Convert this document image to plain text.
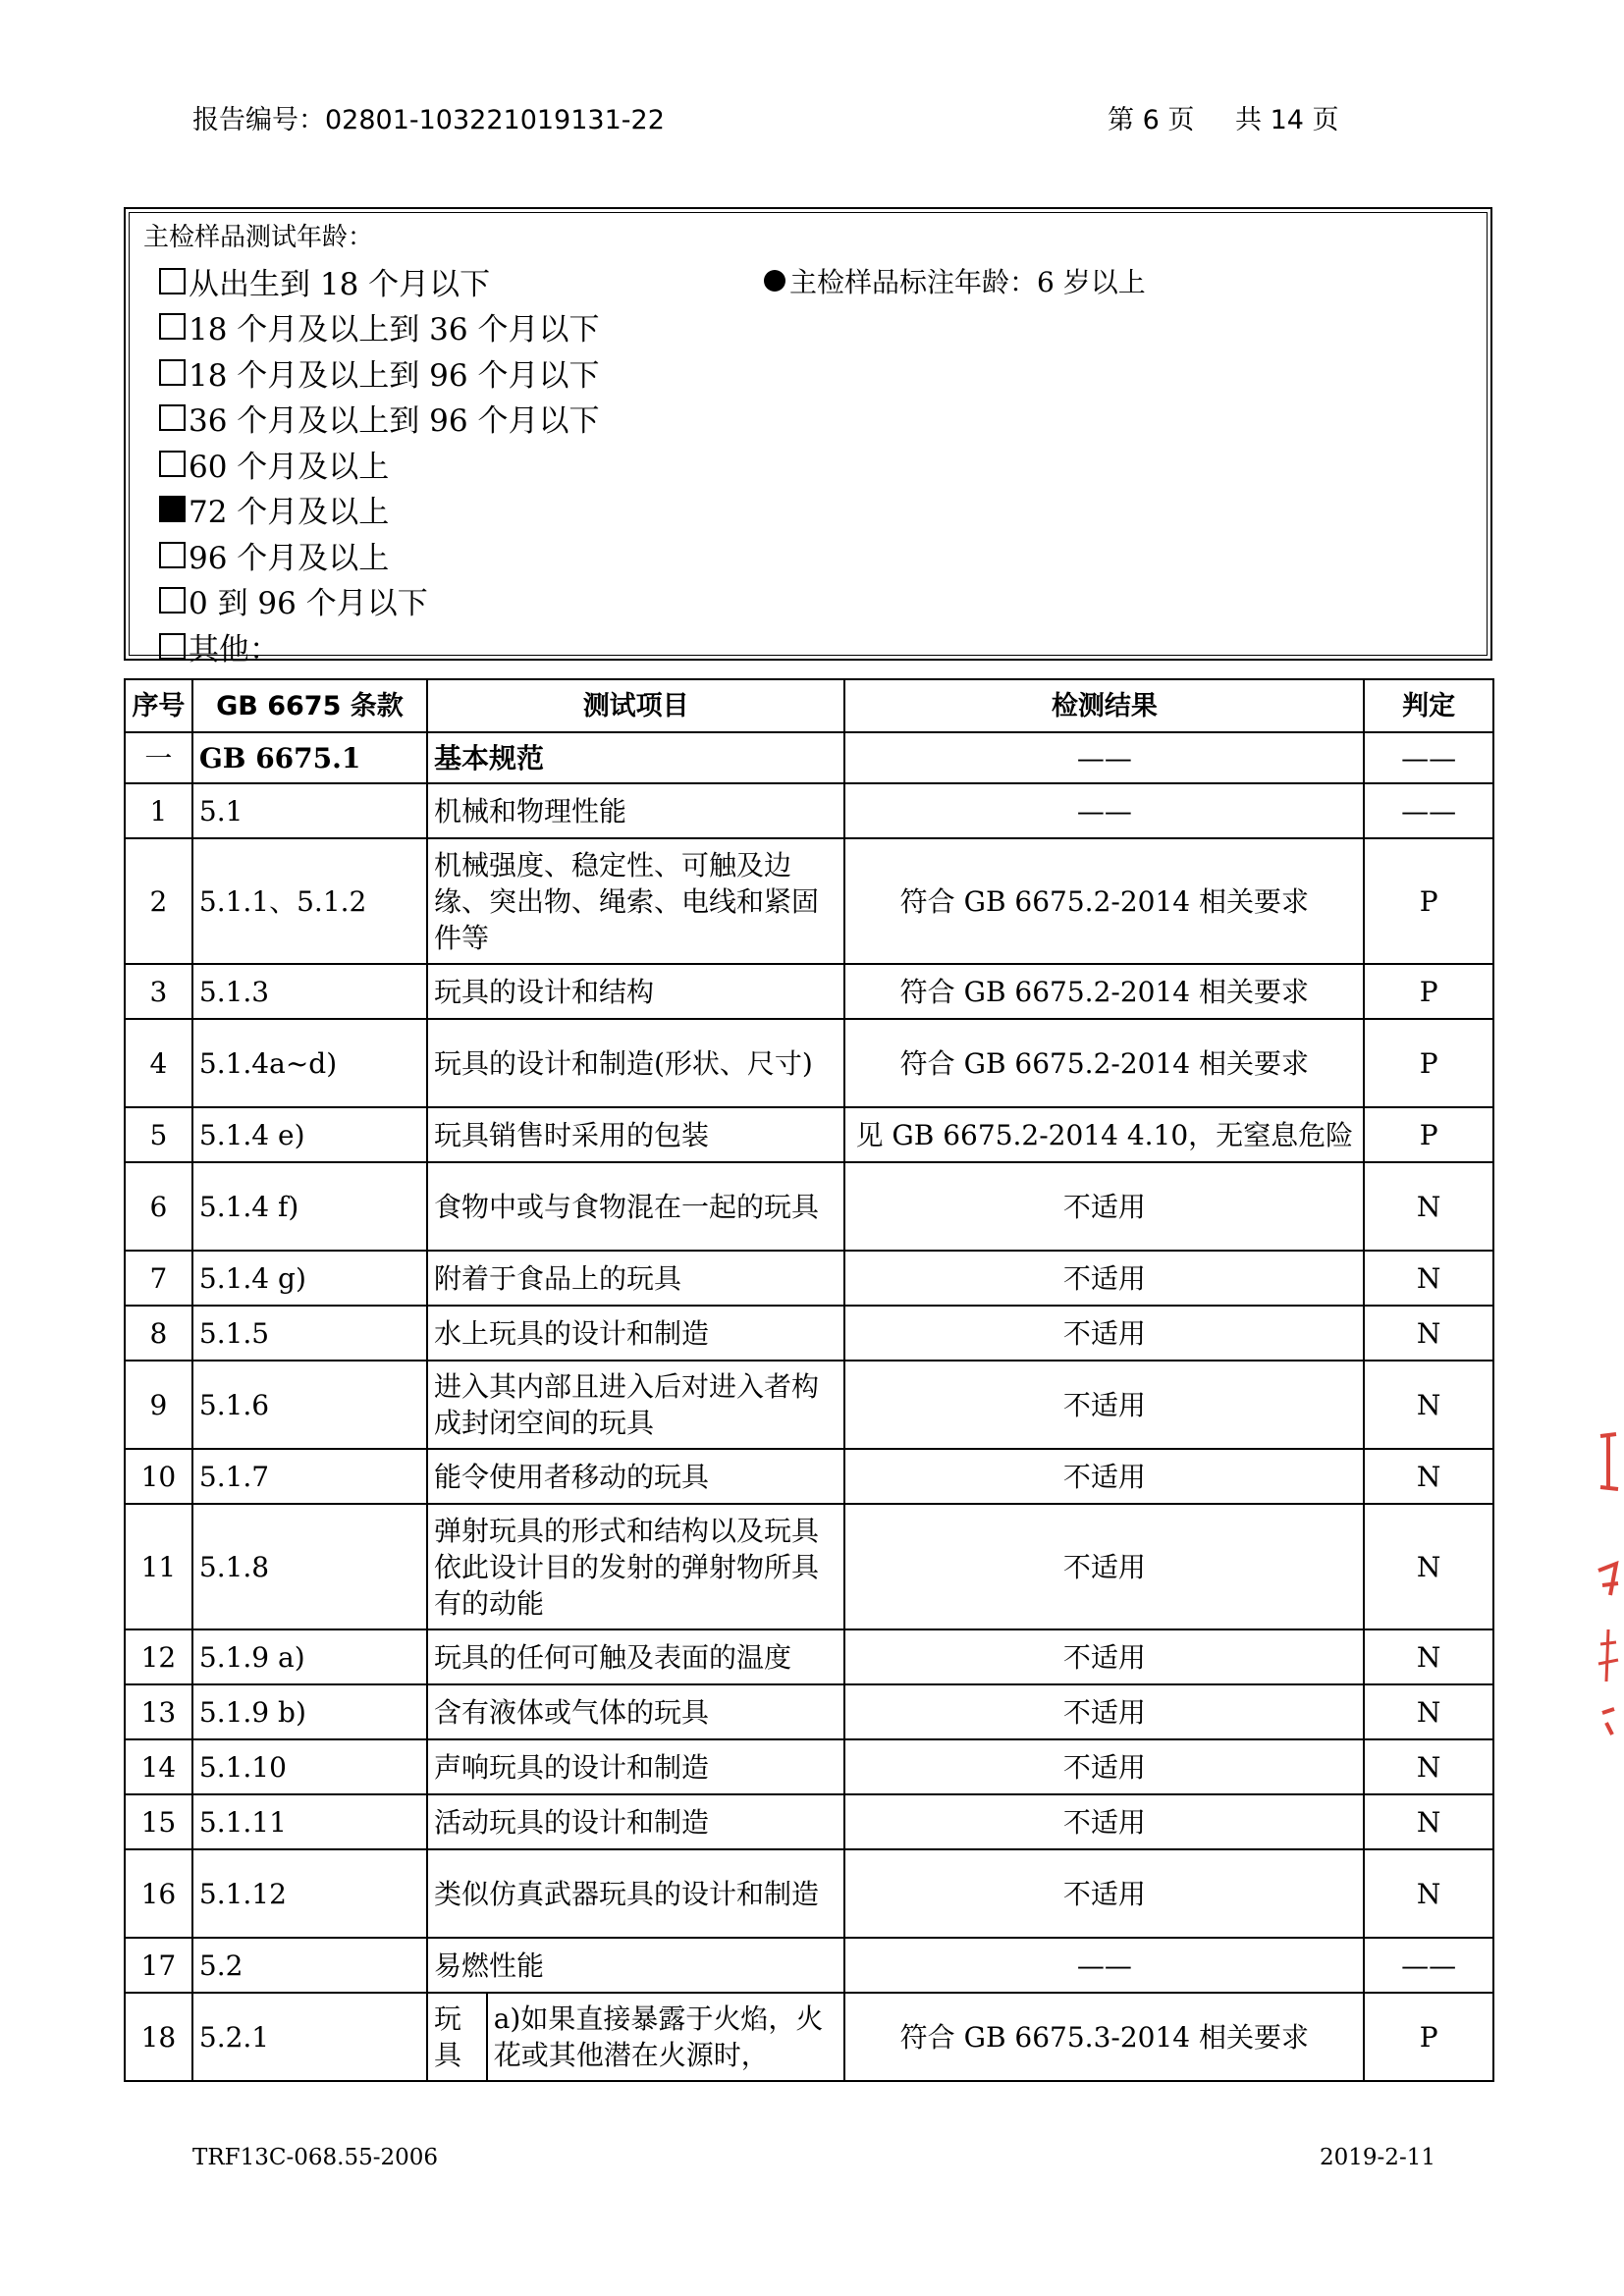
报告编号：02801-103221019131-22	第 6 页 共 14 页
主检样品测试年龄：
从出生到 18 个月以下
18 个月及以上到 36 个月以下
18 个月及以上到 96 个月以下
36 个月及以上到 96 个月以下
60 个月及以上
72 个月及以上
96 个月及以上
0 到 96 个月以下
其他：
主检样品标注年龄：6 岁以上
序号	GB 6675 条款	测试项目		检测结果	判定
一	GB 6675.1	基本规范		——	——
1	5.1	机械和物理性能		——	——
2	5.1.1、5.1.2	机械强度、稳定性、可触及边缘、突出物、绳索、电线和紧固件等		符合 GB 6675.2-2014 相关要求	P
3	5.1.3	玩具的设计和结构		符合 GB 6675.2-2014 相关要求	P
4	5.1.4a~d)	玩具的设计和制造(形状、尺寸)		符合 GB 6675.2-2014 相关要求	P
5	5.1.4 e)	玩具销售时采用的包装		见 GB 6675.2-2014 4.10，无窒息危险	P
6	5.1.4 f)	食物中或与食物混在一起的玩具		不适用	N
7	5.1.4 g)	附着于食品上的玩具		不适用	N
8	5.1.5	水上玩具的设计和制造		不适用	N
9	5.1.6	进入其内部且进入后对进入者构成封闭空间的玩具		不适用	N
10	5.1.7	能令使用者移动的玩具		不适用	N
11	5.1.8	弹射玩具的形式和结构以及玩具依此设计目的发射的弹射物所具有的动能		不适用	N
12	5.1.9 a)	玩具的任何可触及表面的温度		不适用	N
13	5.1.9 b)	含有液体或气体的玩具		不适用	N
14	5.1.10	声响玩具的设计和制造		不适用	N
15	5.1.11	活动玩具的设计和制造		不适用	N
16	5.1.12	类似仿真武器玩具的设计和制造		不适用	N
17	5.2	易燃性能		——	——
18	5.2.1	玩具	a)如果直接暴露于火焰，火花或其他潜在火源时，	符合 GB 6675.3-2014 相关要求	P
TRF13C-068.55-2006	2019-2-11
